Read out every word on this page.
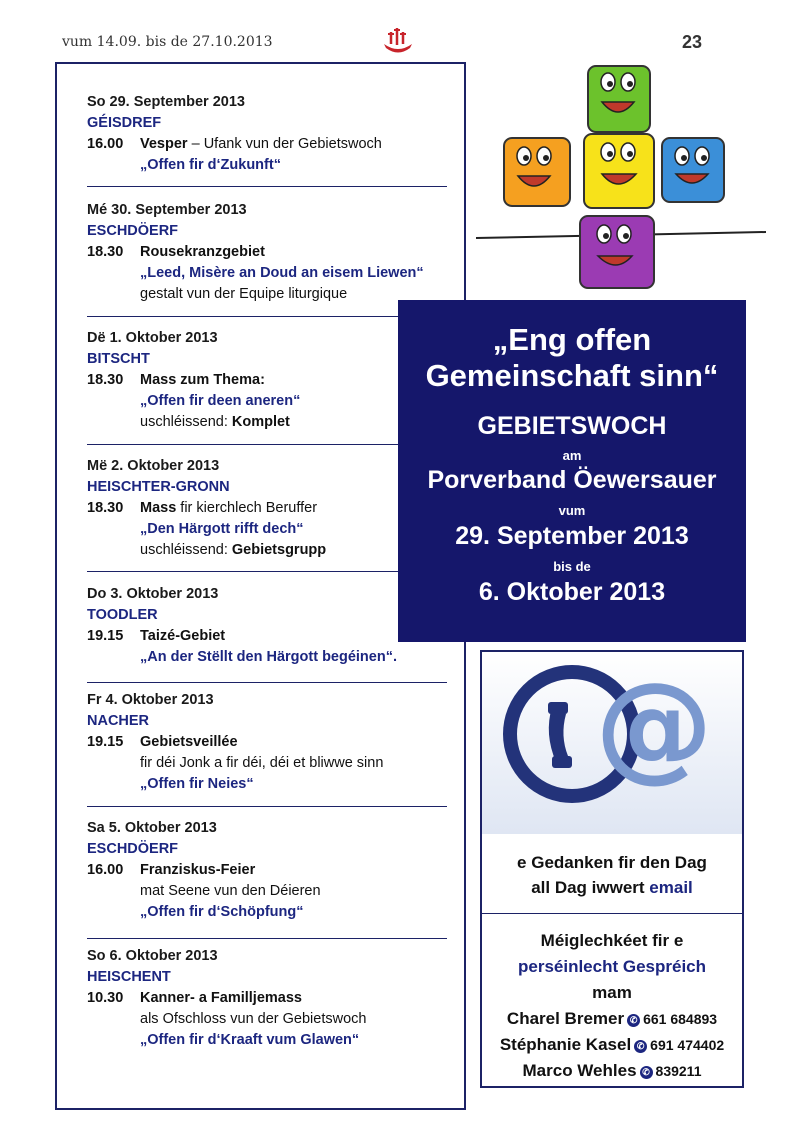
vum 14.09. bis de 27.10.2013	23
So 29. September 2013
GÉISDREF
16.00 Vesper – Ufank vun der Gebietswoch
„Offen fir d‘Zukunft“
Mé 30. September 2013
ESCHDÖERF
18.30 Rousekranzgebiet
„Leed, Misère an Doud an eisem Liewen“
gestalt vun der Equipe liturgique
Dë 1. Oktober 2013
BITSCHT
18.30 Mass zum Thema:
„Offen fir deen aneren“
uschléissend: Komplet
Më 2. Oktober 2013
HEISCHTER-GRONN
18.30 Mass fir kierchlech Beruffer
„Den Härgott rifft dech“
uschléissend: Gebietsgrupp
Do 3. Oktober 2013
TOODLER
19.15 Taizé-Gebiet
„An der Stëllt den Härgott begéinen“.
Fr 4. Oktober 2013
NACHER
19.15 Gebietsveillée
fir déi Jonk a fir déi, déi et bliwwe sinn
„Offen fir Neies“
Sa 5. Oktober 2013
ESCHDÖERF
16.00 Franziskus-Feier
mat Seene vun den Déieren
„Offen fir d‘Schöpfung“
So 6. Oktober 2013
HEISCHENT
10.30 Kanner- a Familljemass
als Ofschloss vun der Gebietswoch
„Offen fir d‘Kraaft vum Glawen“
„Eng offen
Gemeinschaft sinn“
GEBIETSWOCH
am
Porverband Öewersauer
vum
29. September 2013
bis de
6. Oktober 2013
@
e Gedanken fir den Dag
all Dag iwwert email
Méiglechkéet fir e
perséinlecht Gespréich
mam
Charel Bremer ✆ 661 684893
Stéphanie Kasel ✆ 691 474402
Marco Wehles ✆ 839211
